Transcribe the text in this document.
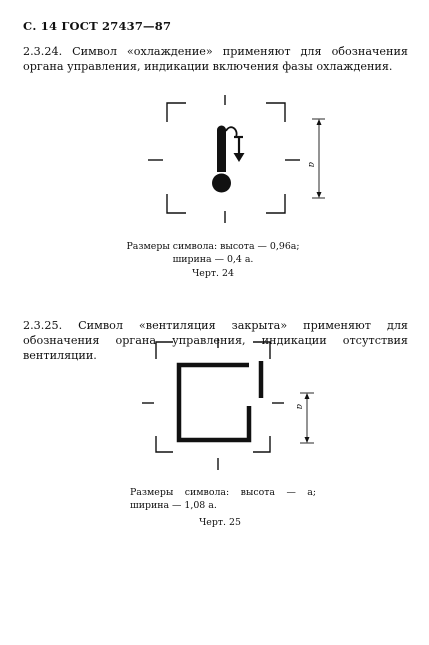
С. 14 ГОСТ 27437—87

2.3.24. Символ «охлаждение» применяют для обозначения органа управления, индикации включения фазы охлаждения.

a
Размеры символа: высота — 0,96а;
ширина — 0,4 а.
Черт. 24

2.3.25. Символ «вентиляция закрыта» применяют для обозначения органа управления, индикации отсутствия вентиляции.

a
Размеры символа: высота — а; ширина — 1,08 а.
Черт. 25
